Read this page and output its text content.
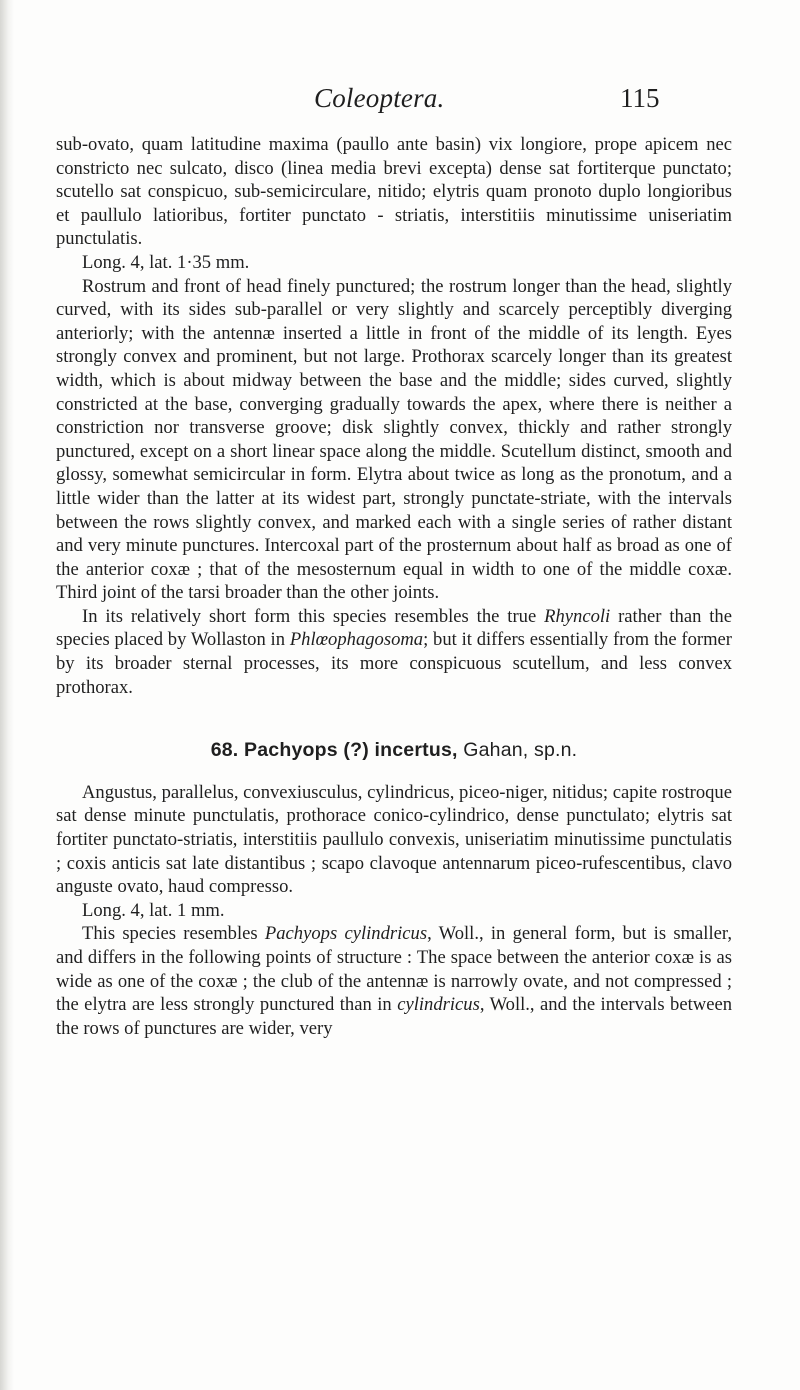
Coleoptera.	115

sub-ovato, quam latitudine maxima (paullo ante basin) vix longiore, prope apicem nec constricto nec sulcato, disco (linea media brevi excepta) dense sat fortiterque punctato; scutello sat conspicuo, sub-semicirculare, nitido; elytris quam pronoto duplo longioribus et paullulo latioribus, fortiter punctato - striatis, interstitiis minutissime uniseriatim punctulatis.

Long. 4, lat. 1·35 mm.

Rostrum and front of head finely punctured; the rostrum longer than the head, slightly curved, with its sides sub-parallel or very slightly and scarcely perceptibly diverging anteriorly; with the antennæ inserted a little in front of the middle of its length. Eyes strongly convex and prominent, but not large. Prothorax scarcely longer than its greatest width, which is about midway between the base and the middle; sides curved, slightly constricted at the base, converging gradually towards the apex, where there is neither a constriction nor transverse groove; disk slightly convex, thickly and rather strongly punctured, except on a short linear space along the middle. Scutellum distinct, smooth and glossy, somewhat semicircular in form. Elytra about twice as long as the pronotum, and a little wider than the latter at its widest part, strongly punctate-striate, with the intervals between the rows slightly convex, and marked each with a single series of rather distant and very minute punctures. Intercoxal part of the prosternum about half as broad as one of the anterior coxæ ; that of the mesosternum equal in width to one of the middle coxæ. Third joint of the tarsi broader than the other joints.

In its relatively short form this species resembles the true Rhyncoli rather than the species placed by Wollaston in Phlœophagosoma; but it differs essentially from the former by its broader sternal processes, its more conspicuous scutellum, and less convex prothorax.

68. Pachyops (?) incertus, Gahan, sp.n.

Angustus, parallelus, convexiusculus, cylindricus, piceo-niger, nitidus; capite rostroque sat dense minute punctulatis, prothorace conico-cylindrico, dense punctulato; elytris sat fortiter punctato-striatis, interstitiis paullulo convexis, uniseriatim minutissime punctulatis ; coxis anticis sat late distantibus ; scapo clavoque antennarum piceo-rufescentibus, clavo anguste ovato, haud compresso.

Long. 4, lat. 1 mm.

This species resembles Pachyops cylindricus, Woll., in general form, but is smaller, and differs in the following points of structure : The space between the anterior coxæ is as wide as one of the coxæ ; the club of the antennæ is narrowly ovate, and not compressed ; the elytra are less strongly punctured than in cylindricus, Woll., and the intervals between the rows of punctures are wider, very
